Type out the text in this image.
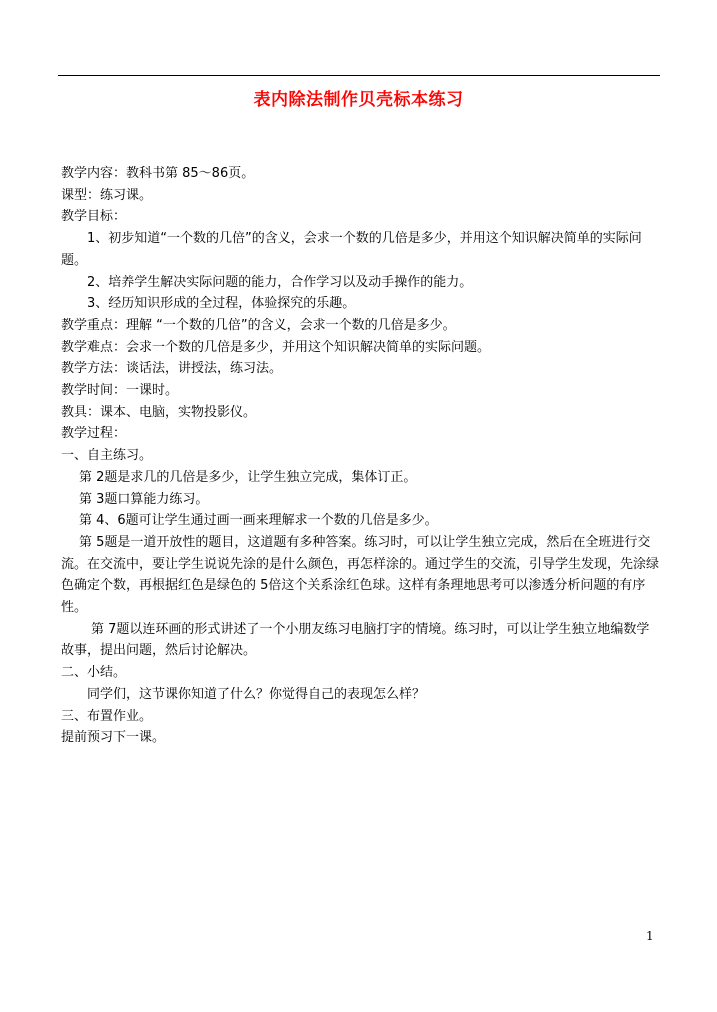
表内除法制作贝壳标本练习

教学内容：教科书第 85～86页。

课型：练习课。

教学目标：

1、初步知道“一个数的几倍”的含义，会求一个数的几倍是多少，并用这个知识解决简单的实际问题。

2、培养学生解决实际问题的能力，合作学习以及动手操作的能力。

3、经历知识形成的全过程，体验探究的乐趣。

教学重点：理解 “一个数的几倍”的含义，会求一个数的几倍是多少。

教学难点：会求一个数的几倍是多少，并用这个知识解决简单的实际问题。

教学方法：谈话法，讲授法，练习法。

教学时间：一课时。

教具：课本、电脑，实物投影仪。

教学过程：

一、自主练习。

第 2题是求几的几倍是多少，让学生独立完成，集体订正。

第 3题口算能力练习。

第 4、6题可让学生通过画一画来理解求一个数的几倍是多少。

第 5题是一道开放性的题目，这道题有多种答案。练习时，可以让学生独立完成，然后在全班进行交流。在交流中，要让学生说说先涂的是什么颜色，再怎样涂的。通过学生的交流，引导学生发现，先涂绿色确定个数，再根据红色是绿色的 5倍这个关系涂红色球。这样有条理地思考可以渗透分析问题的有序性。

第 7题以连环画的形式讲述了一个小朋友练习电脑打字的情境。练习时，可以让学生独立地编数学故事，提出问题，然后讨论解决。

二、小结。

同学们，这节课你知道了什么？你觉得自己的表现怎么样？

三、布置作业。

提前预习下一课。

1
